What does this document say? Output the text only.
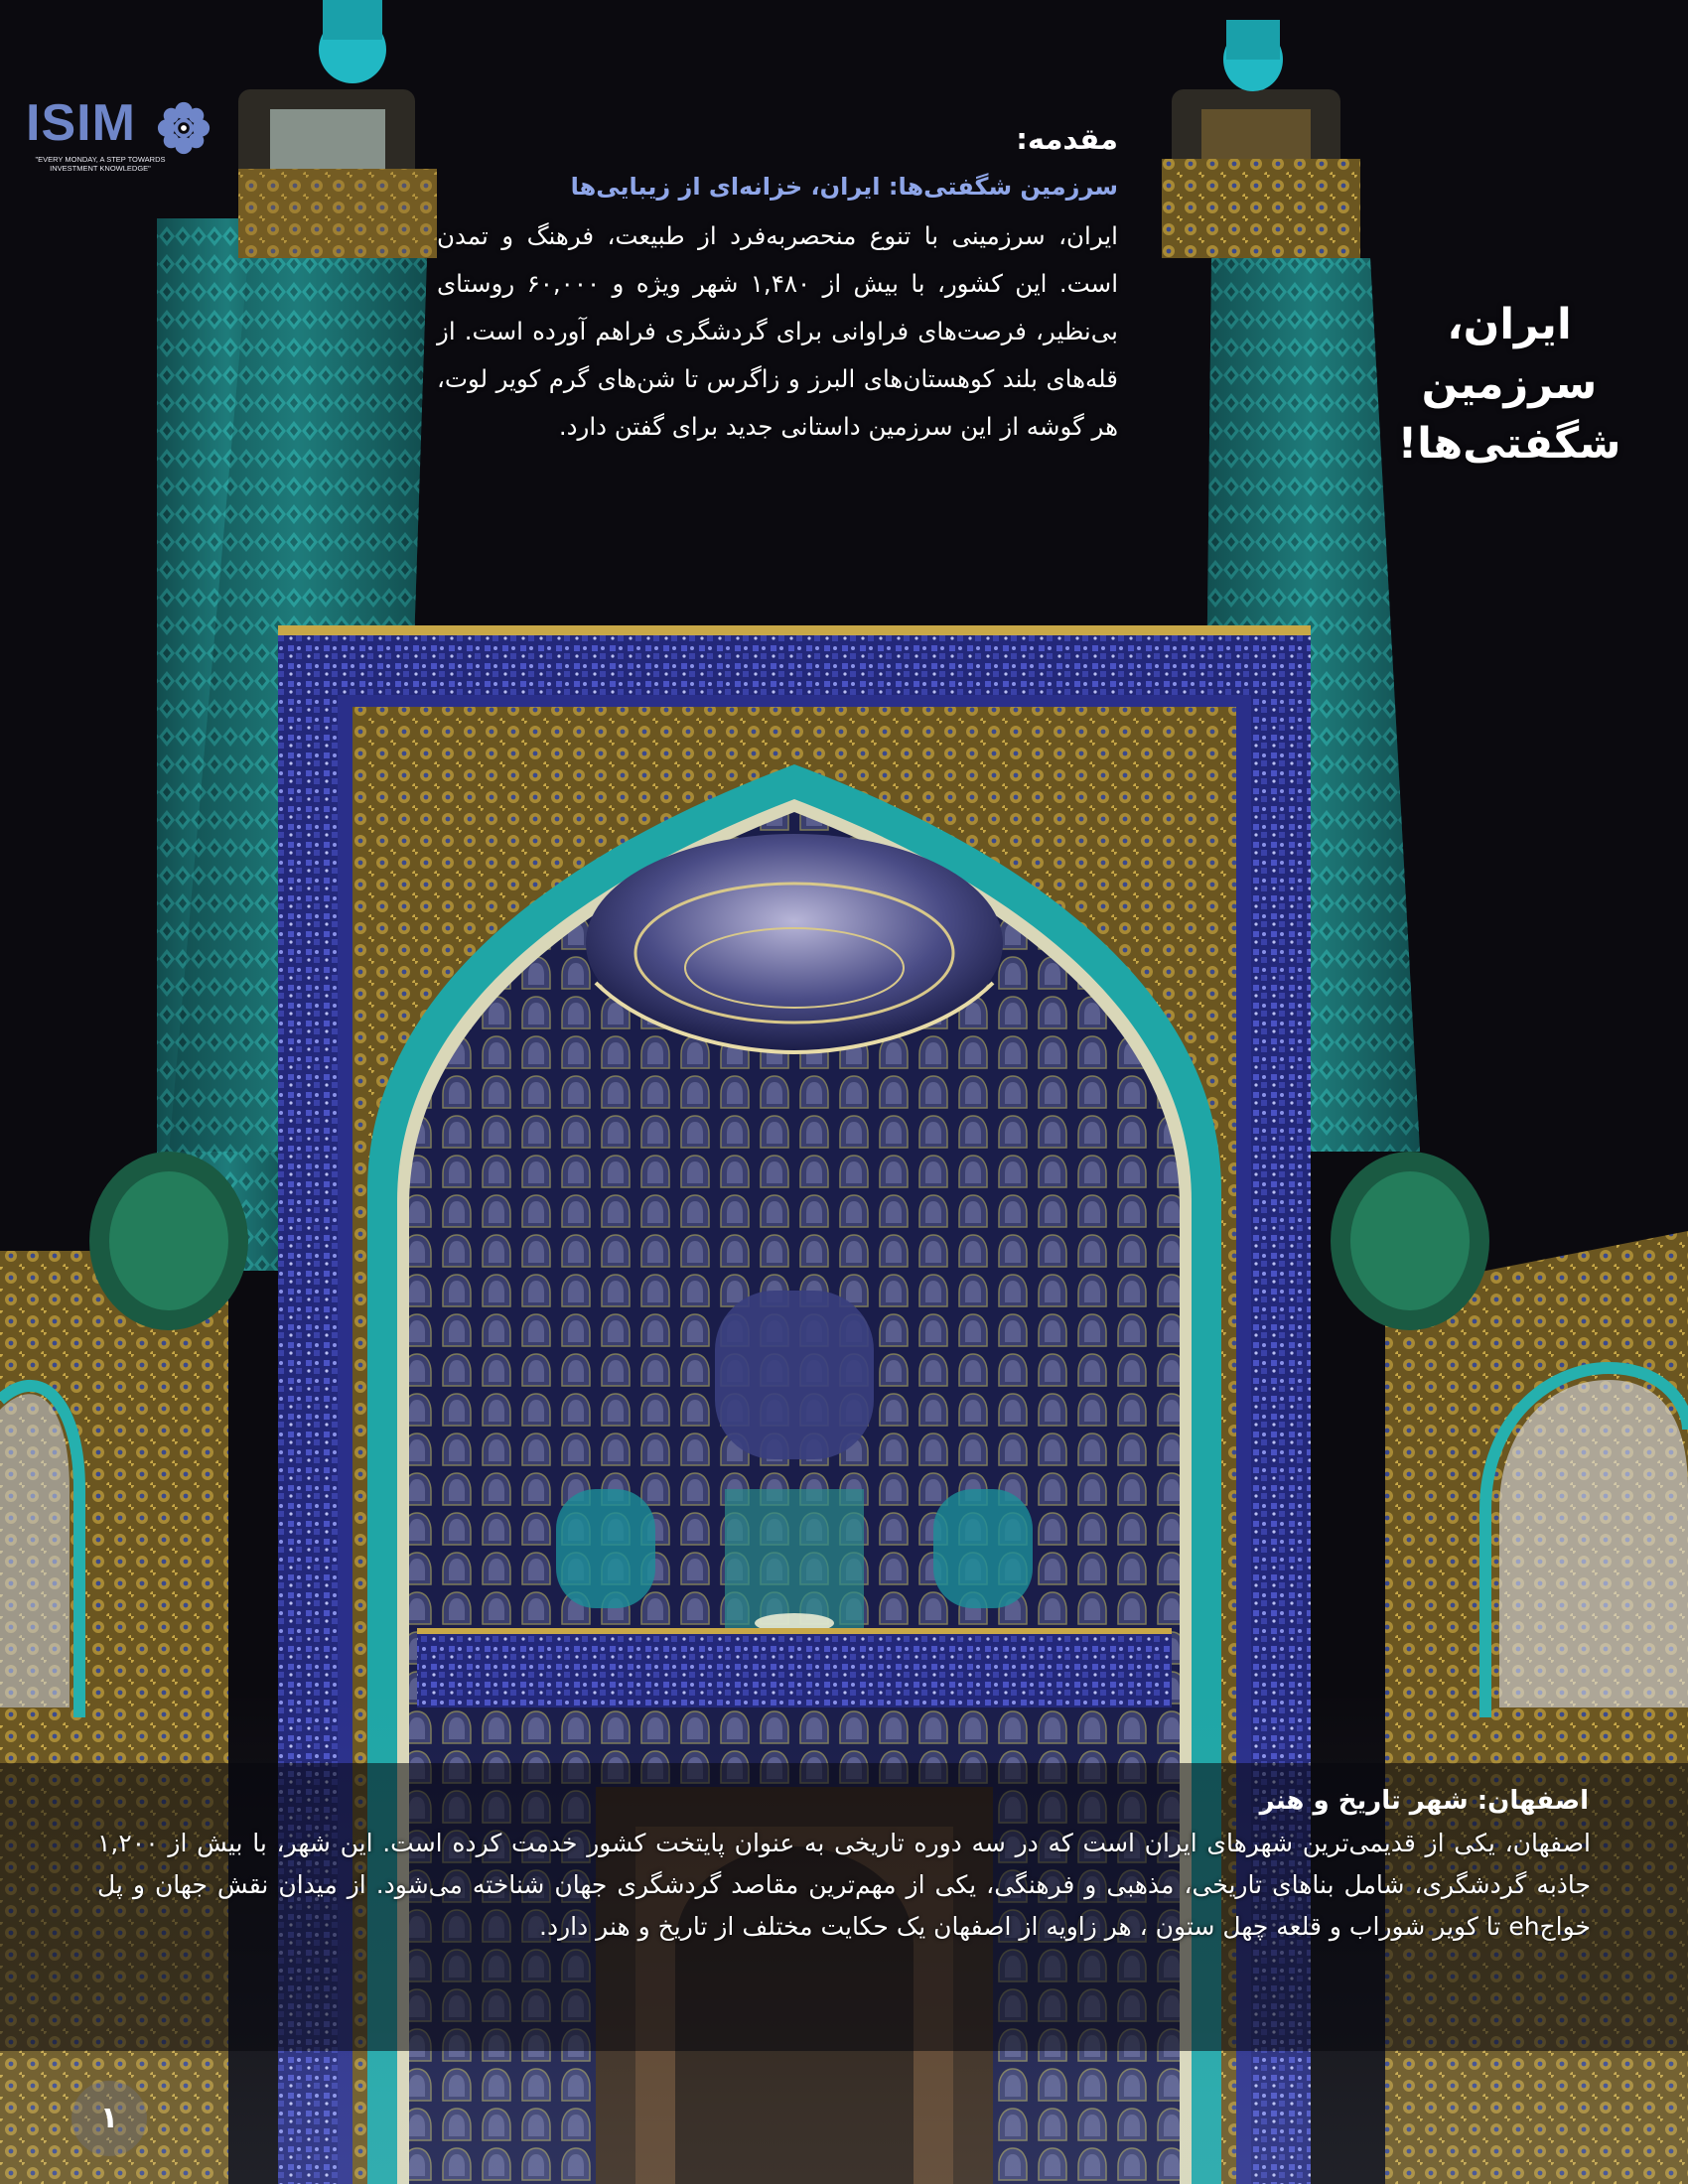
ISIM
"EVERY MONDAY, A STEP TOWARDS INVESTMENT KNOWLEDGE"
مقدمه:
سرزمین شگفتی‌ها: ایران، خزانه‌ای از زیبایی‌ها

ایران، سرزمینی با تنوع منحصربه‌فرد از طبیعت، فرهنگ و تمدن است. این کشور، با بیش از ۱,۴۸۰ شهر ویژه و ۶۰,۰۰۰ روستای بی‌نظیر، فرصت‌های فراوانی برای گردشگری فراهم آورده است. از قله‌های بلند کوهستان‌های البرز و زاگرس تا شن‌های گرم کویر لوت، هر گوشه از این سرزمین داستانی جدید برای گفتن دارد.

ایران،
سرزمین
شگفتی‌ها!
اصفهان: شهر تاریخ و هنر

اصفهان، یکی از قدیمی‌ترین شهرهای ایران است که در سه دوره تاریخی به عنوان پایتخت کشور خدمت کرده است. این شهر، با بیش از ۱,۲۰۰ جاذبه گردشگری، شامل بناهای تاریخی، مذهبی و فرهنگی، یکی از مهم‌ترین مقاصد گردشگری جهان شناخته می‌شود. از میدان نقش جهان و پل خواجeh تا کویر شوراب و قلعه چهل ستون ، هر زاویه از اصفهان یک حکایت مختلف از تاریخ و هنر دارد.

۱
